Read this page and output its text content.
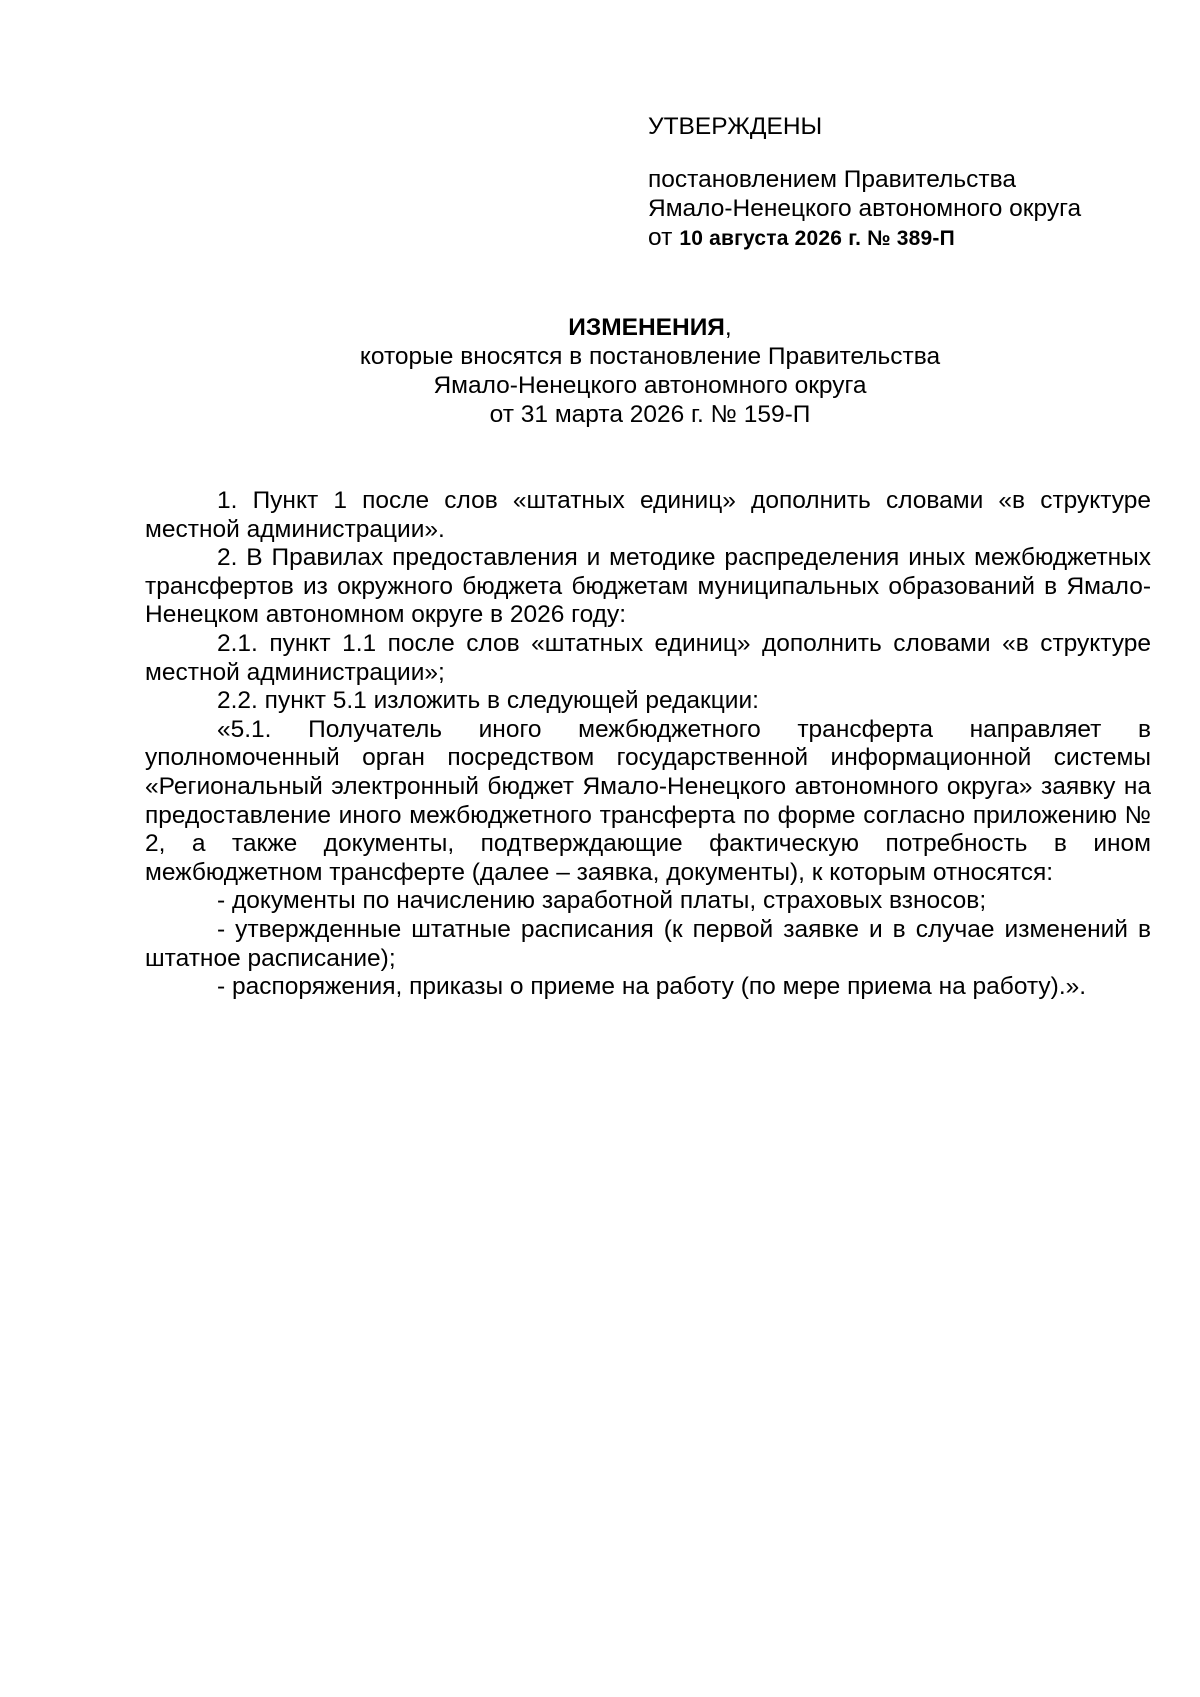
УТВЕРЖДЕНЫ
постановлением Правительства
Ямало-Ненецкого автономного округа
от 10 августа 2026 г. № 389-П
ИЗМЕНЕНИЯ,
которые вносятся в постановление Правительства
Ямало-Ненецкого автономного округа
от 31 марта 2026 г. № 159-П

1. Пункт 1 после слов «штатных единиц» дополнить словами «в структуре местной администрации».

2. В Правилах предоставления и методике распределения иных межбюджетных трансфертов из окружного бюджета бюджетам муниципальных образований в Ямало-Ненецком автономном округе в 2026 году:

2.1. пункт 1.1 после слов «штатных единиц» дополнить словами «в структуре местной администрации»;

2.2. пункт 5.1 изложить в следующей редакции:

«5.1. Получатель иного межбюджетного трансферта направляет в уполномоченный орган посредством государственной информационной системы «Региональный электронный бюджет Ямало-Ненецкого автономного округа» заявку на предоставление иного межбюджетного трансферта по форме согласно приложению № 2, а также документы, подтверждающие фактическую потребность в ином межбюджетном трансферте (далее – заявка, документы), к которым относятся:

- документы по начислению заработной платы, страховых взносов;

- утвержденные штатные расписания (к первой заявке и в случае изменений в штатное расписание);

- распоряжения, приказы о приеме на работу (по мере приема на работу).».
